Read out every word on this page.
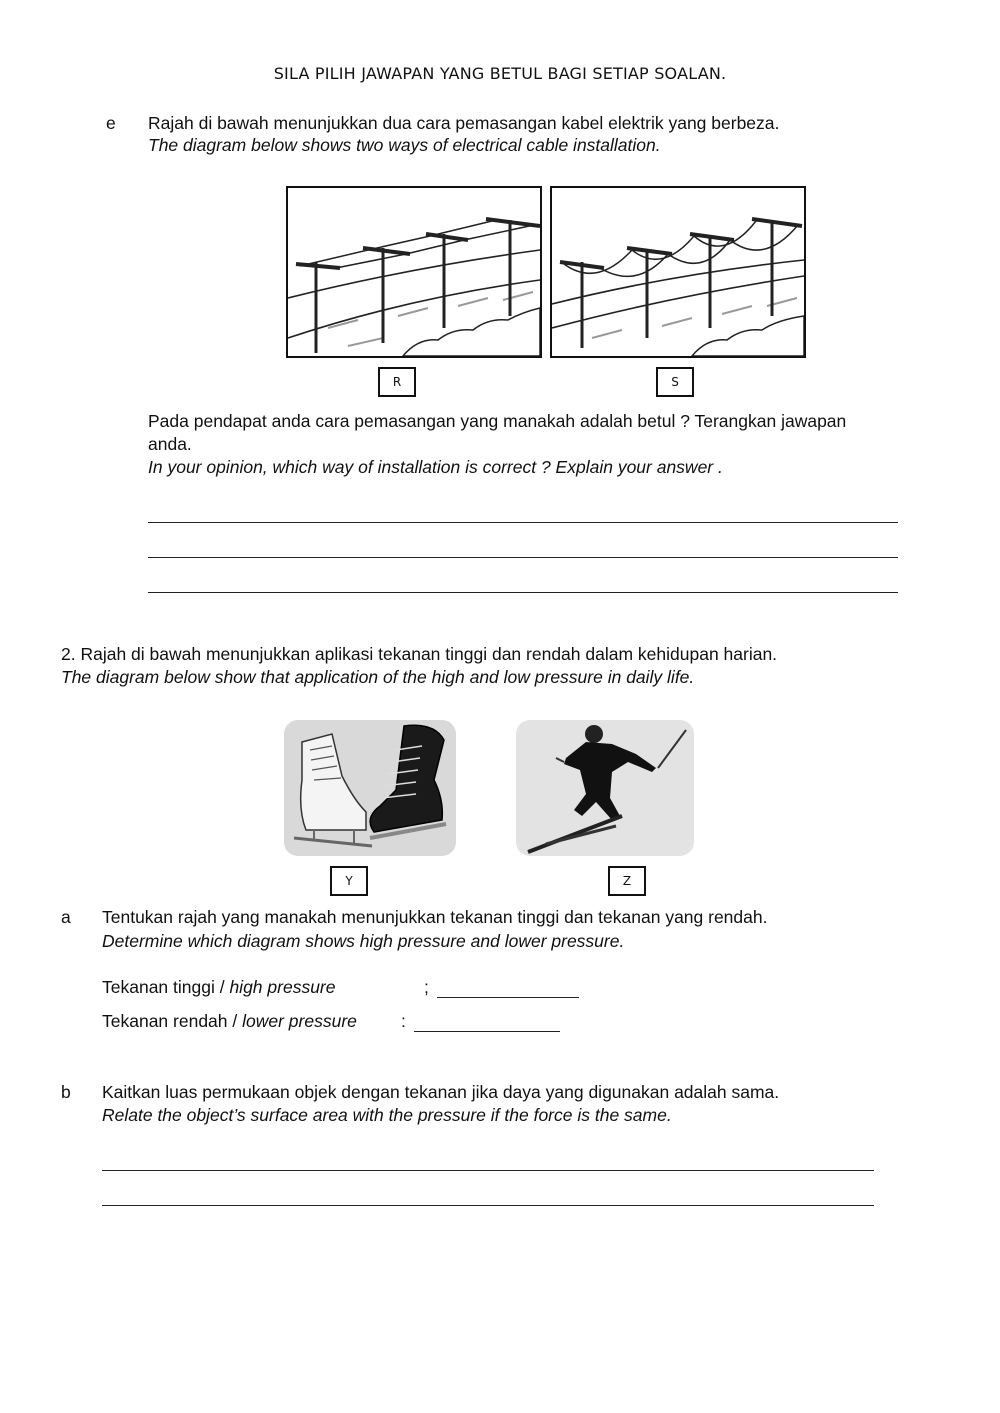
SILA PILIH JAWAPAN YANG BETUL BAGI SETIAP SOALAN.
e Rajah di bawah menunjukkan dua cara pemasangan kabel elektrik yang berbeza.
The diagram below shows two ways of electrical cable installation.
R	S
Pada pendapat anda cara pemasangan yang manakah adalah betul ? Terangkan jawapan
anda.
In your opinion, which way of installation is correct ? Explain your answer .
2. Rajah di bawah menunjukkan aplikasi tekanan tinggi dan rendah dalam kehidupan harian.
The diagram below show that application of the high and low pressure in daily life.
Y	Z
a Tentukan rajah yang manakah menunjukkan tekanan tinggi dan tekanan yang rendah.
Determine which diagram shows high pressure and lower pressure.
Tekanan tinggi / high pressure	;
Tekanan rendah / lower pressure	:
b Kaitkan luas permukaan objek dengan tekanan jika daya yang digunakan adalah sama.
Relate the object’s surface area with the pressure if the force is the same.
